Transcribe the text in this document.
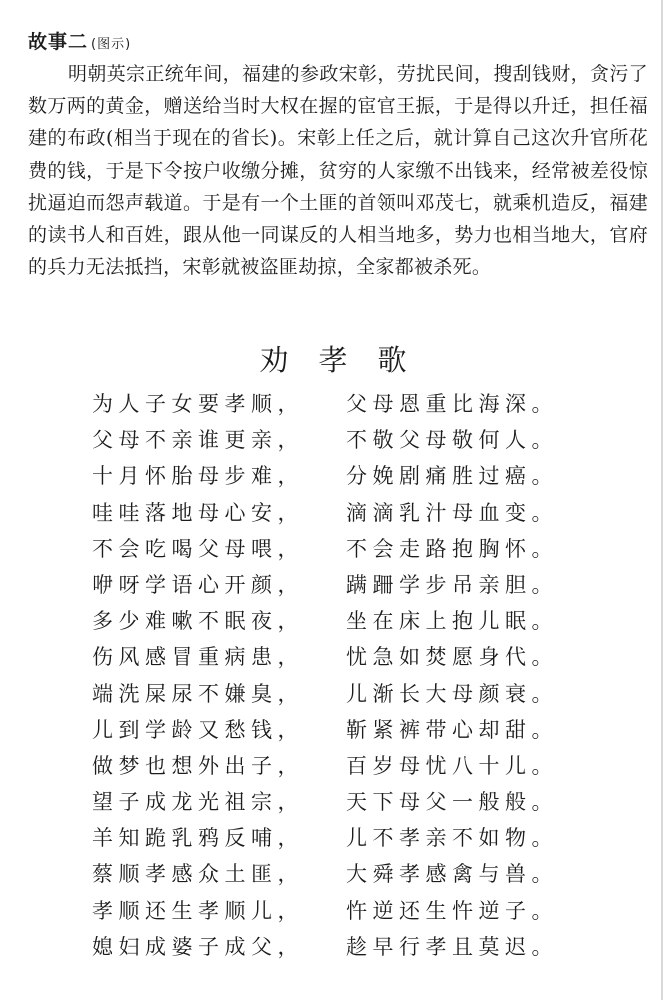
故事二 (图示)

明朝英宗正统年间，福建的参政宋彰，劳扰民间，搜刮钱财，贪污了数万两的黄金，赠送给当时大权在握的宦官王振，于是得以升迁，担任福建的布政(相当于现在的省长)。宋彰上任之后，就计算自己这次升官所花费的钱，于是下令按户收缴分摊，贫穷的人家缴不出钱来，经常被差役惊扰逼迫而怨声载道。于是有一个土匪的首领叫邓茂七，就乘机造反，福建的读书人和百姓，跟从他一同谋反的人相当地多，势力也相当地大，官府的兵力无法抵挡，宋彰就被盗匪劫掠，全家都被杀死。

劝孝歌
为人子女要孝顺， 父母恩重比海深。
父母不亲谁更亲， 不敬父母敬何人。
十月怀胎母步难， 分娩剧痛胜过癌。
哇哇落地母心安， 滴滴乳汁母血变。
不会吃喝父母喂， 不会走路抱胸怀。
咿呀学语心开颜， 蹒跚学步吊亲胆。
多少难嗽不眠夜， 坐在床上抱儿眠。
伤风感冒重病患， 忧急如焚愿身代。
端洗屎尿不嫌臭， 儿渐长大母颜衰。
儿到学龄又愁钱， 靳紧裤带心却甜。
做梦也想外出子， 百岁母忧八十儿。
望子成龙光祖宗， 天下母父一般般。
羊知跪乳鸦反哺， 儿不孝亲不如物。
蔡顺孝感众土匪， 大舜孝感禽与兽。
孝顺还生孝顺儿， 忤逆还生忤逆子。
媳妇成婆子成父， 趁早行孝且莫迟。
